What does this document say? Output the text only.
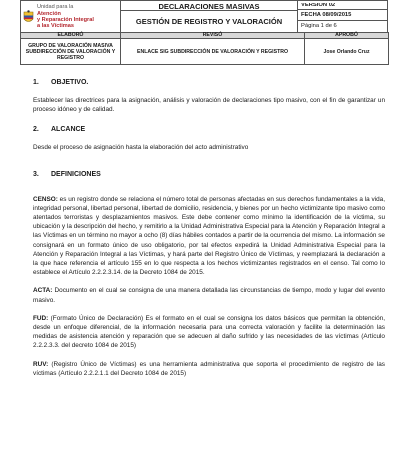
Unidad para la
Atención
y Reparación Integral
a las Víctimas

DECLARACIONES MASIVAS
GESTIÓN DE REGISTRO Y VALORACIÓN

VERSIÓN 02
FECHA 08/09/2015
Página 1 de 6
ELABORÓ	REVISÓ	APROBÓ
GRUPO DE VALORACIÓN MASIVA SUBDIRECCIÓN DE VALORACIÓN Y REGISTRO	ENLACE SIG SUBDIRECCIÓN DE VALORACIÓN Y REGISTRO	Jose Orlando Cruz
1.	OBJETIVO.

Establecer las directrices para la asignación, análisis y valoración de declaraciones tipo masivo, con el fin de garantizar un proceso idóneo y de calidad.

2.	ALCANCE

Desde el proceso de asignación hasta la elaboración del acto administrativo

3.	DEFINICIONES

CENSO: es un registro donde se relaciona el número total de personas afectadas en sus derechos fundamentales a la vida, integridad personal, libertad personal, libertad de domicilio, residencia, y bienes por un hecho victimizante tipo masivo como atentados terroristas y desplazamientos masivos. Este debe contener como mínimo la identificación de la víctima, su ubicación y la descripción del hecho, y remitirlo a la Unidad Administrativa Especial para la Atención y Reparación Integral a las Víctimas en un término no mayor a ocho (8) días hábiles contados a partir de la ocurrencia del mismo. La información se consignará en un formato único de uso obligatorio, por tal efectos expedirá la Unidad Administrativa Especial para la Atención y Reparación Integral a las Víctimas, y hará parte del Registro Único de Víctimas, y reemplazará la declaración a la que hace referencia el artículo 155 en lo que respecta a los hechos victimizantes registrados en el censo. Tal como lo establece el Artículo 2.2.2.3.14. de la Decreto 1084 de 2015.

ACTA: Documento en el cual se consigna de una manera detallada las circunstancias de tiempo, modo y lugar del evento masivo.

FUD: (Formato Único de Declaración) Es el formato en el cual se consigna los datos básicos que permitan la obtención, desde un enfoque diferencial, de la información necesaria para una correcta valoración y facilite la determinación las medidas de asistencia atención y reparación que se adecuen al daño sufrido y las necesidades de las víctimas (Artículo 2.2.2.3.3. del decreto 1084 de 2015)

RUV: (Registro Único de Víctimas) es una herramienta administrativa que soporta el procedimiento de registro de las víctimas (Artículo 2.2.2.1.1 del Decreto 1084 de 2015)
